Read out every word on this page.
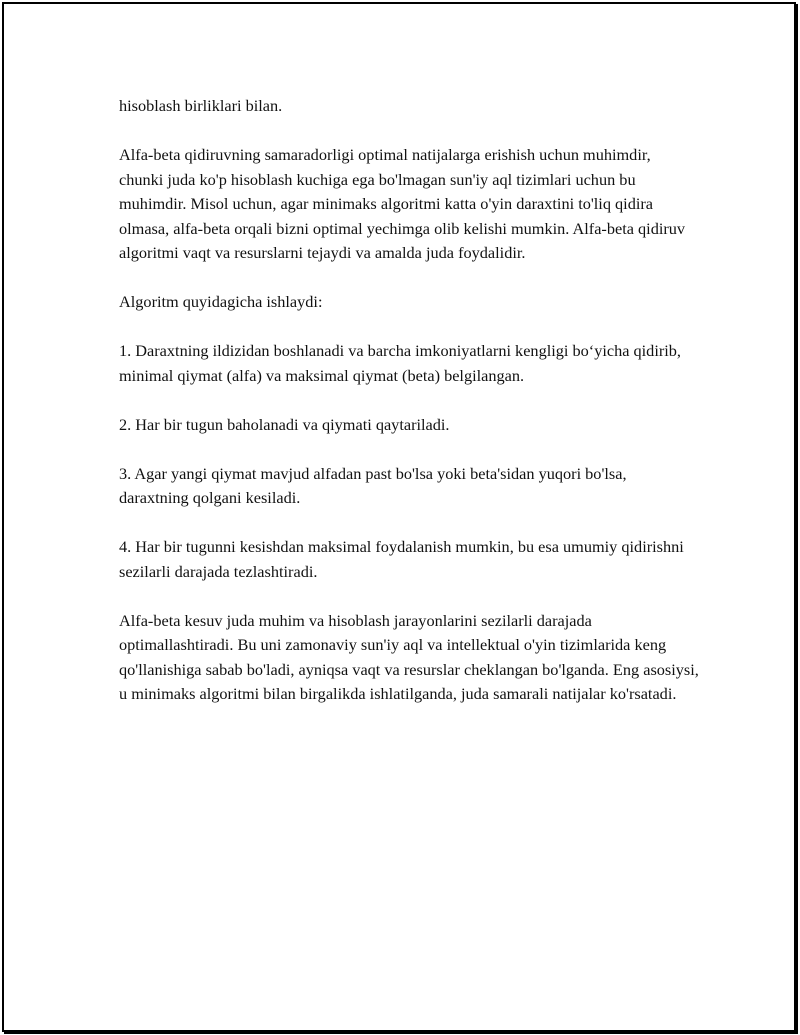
hisoblash birliklari bilan.

Alfa-beta qidiruvning samaradorligi optimal natijalarga erishish uchun muhimdir, chunki juda ko'p hisoblash kuchiga ega bo'lmagan sun'iy aql tizimlari uchun bu muhimdir. Misol uchun, agar minimaks algoritmi katta o'yin daraxtini to'liq qidira olmasa, alfa-beta orqali bizni optimal yechimga olib kelishi mumkin. Alfa-beta qidiruv algoritmi vaqt va resurslarni tejaydi va amalda juda foydalidir.

Algoritm quyidagicha ishlaydi:

1. Daraxtning ildizidan boshlanadi va barcha imkoniyatlarni kengligi bo‘yicha qidirib, minimal qiymat (alfa) va maksimal qiymat (beta) belgilangan.

2. Har bir tugun baholanadi va qiymati qaytariladi.

3. Agar yangi qiymat mavjud alfadan past bo'lsa yoki beta'sidan yuqori bo'lsa, daraxtning qolgani kesiladi.

4. Har bir tugunni kesishdan maksimal foydalanish mumkin, bu esa umumiy qidirishni sezilarli darajada tezlashtiradi.

Alfa-beta kesuv juda muhim va hisoblash jarayonlarini sezilarli darajada optimallashtiradi. Bu uni zamonaviy sun'iy aql va intellektual o'yin tizimlarida keng qo'llanishiga sabab bo'ladi, ayniqsa vaqt va resurslar cheklangan bo'lganda. Eng asosiysi, u minimaks algoritmi bilan birgalikda ishlatilganda, juda samarali natijalar ko'rsatadi.
